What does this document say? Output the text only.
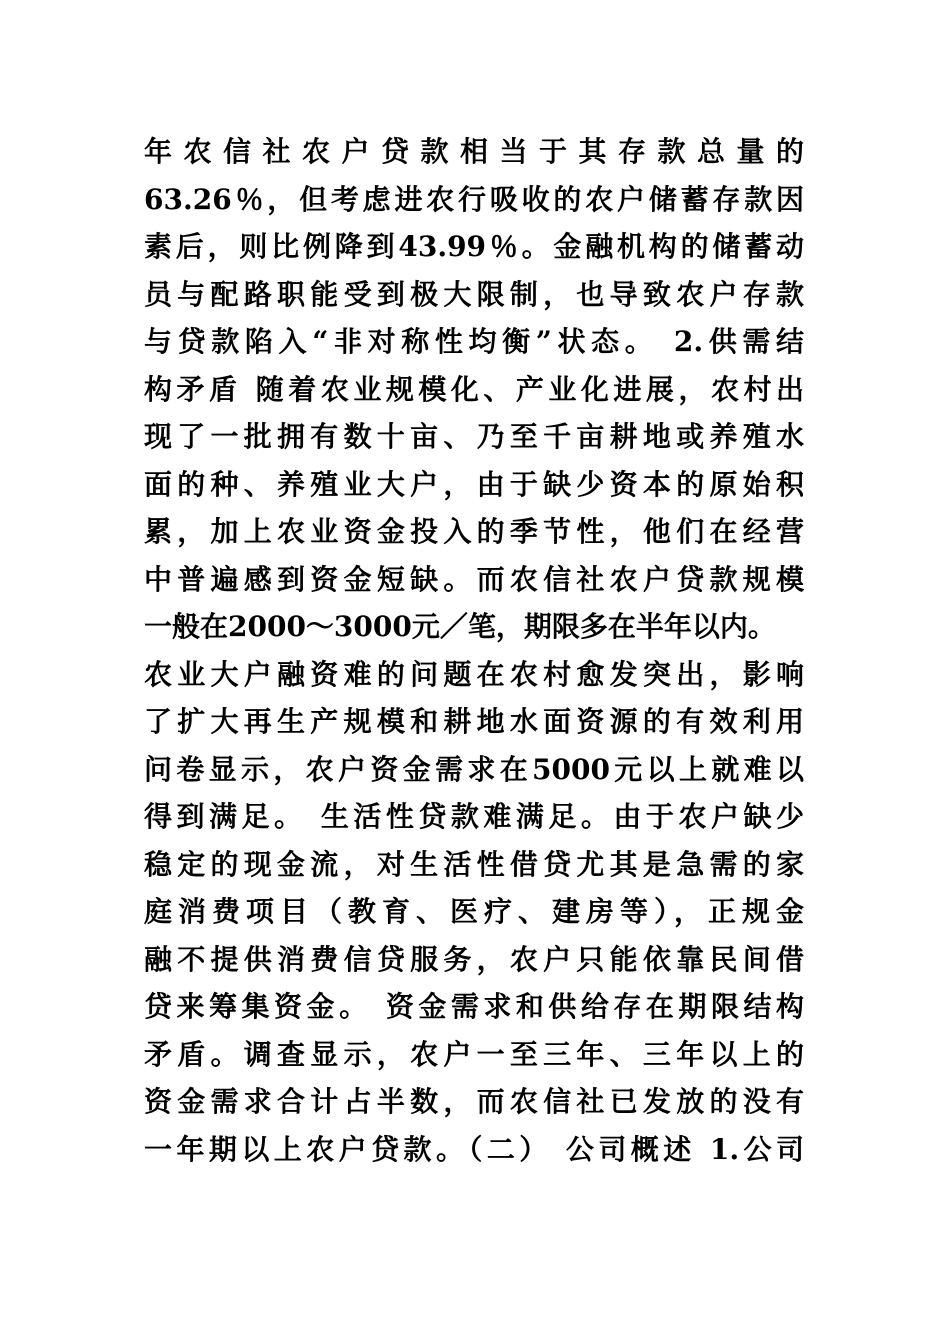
年农信社农户贷款相当于其存款总量的
63.26％，但考虑进农行吸收的农户储蓄存款因
素后，则比例降到43.99％。金融机构的储蓄动
员与配路职能受到极大限制，也导致农户存款
与贷款陷入“非对称性均衡”状态。 2.供需结
构矛盾 随着农业规模化、产业化进展，农村出
现了一批拥有数十亩、乃至千亩耕地或养殖水
面的种、养殖业大户，由于缺少资本的原始积
累，加上农业资金投入的季节性，他们在经营
中普遍感到资金短缺。而农信社农户贷款规模
一般在2000～3000元／笔，期限多在半年以内。
农业大户融资难的问题在农村愈发突出，影响
了扩大再生产规模和耕地水面资源的有效利用
问卷显示，农户资金需求在5000元以上就难以
得到满足。 生活性贷款难满足。由于农户缺少
稳定的现金流，对生活性借贷尤其是急需的家
庭消费项目（教育、医疗、建房等），正规金
融不提供消费信贷服务，农户只能依靠民间借
贷来筹集资金。 资金需求和供给存在期限结构
矛盾。调查显示，农户一至三年、三年以上的
资金需求合计占半数，而农信社已发放的没有
一年期以上农户贷款。（二） 公司概述 1.公司
